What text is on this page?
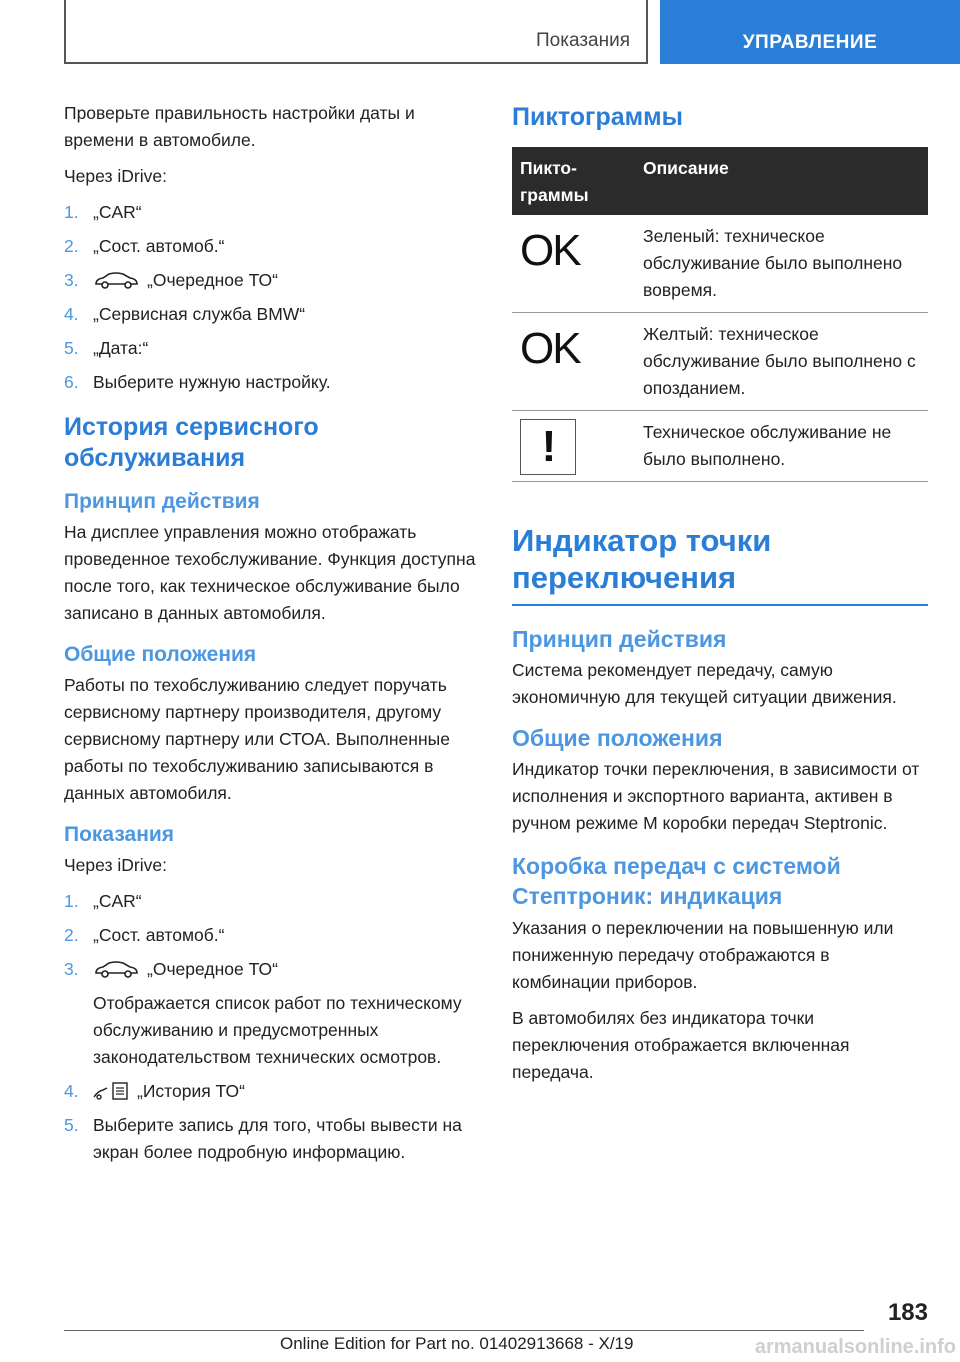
Показания	УПРАВЛЕНИЕ

Проверьте правильность настройки даты и времени в автомобиле.

Через iDrive:

1. „CAR“
2. „Сост. автомоб.“
3.	„Очередное ТО“
4. „Сервисная служба BMW“
5. „Дата:“
6. Выберите нужную настройку.
История сервисного обслуживания
Принцип действия

На дисплее управления можно отображать проведенное техобслуживание. Функция доступна после того, как техническое обслуживание было записано в данных автомобиля.

Общие положения

Работы по техобслуживанию следует поручать сервисному партнеру производителя, другому сервисному партнеру или СТОА. Выполненные работы по техобслуживанию записываются в данных автомобиля.

Показания

Через iDrive:

1. „CAR“
2. „Сост. автомоб.“
3.	„Очередное ТО“
Отображается список работ по техническому обслуживанию и предусмотренных законодательством технических осмотров.
4.	„История ТО“
5. Выберите запись для того, чтобы вывести на экран более подробную информацию.
Пиктограммы
Пикто-граммы	Описание
OK	Зеленый: техническое обслуживание было выполнено вовремя.
OK	Желтый: техническое обслуживание было выполнено с опозданием.

!	Техническое обслуживание не было выполнено.
Индикатор точки переключения
Принцип действия

Система рекомендует передачу, самую экономичную для текущей ситуации движения.

Общие положения

Индикатор точки переключения, в зависимости от исполнения и экспортного варианта, активен в ручном режиме M коробки передач Steptronic.

Коробка передач с системой Стептроник: индикация

Указания о переключении на повышенную или пониженную передачу отображаются в комбинации приборов.

В автомобилях без индикатора точки переключения отображается включенная передача.

183
Online Edition for Part no. 01402913668 - X/19	armanualsonline.info
